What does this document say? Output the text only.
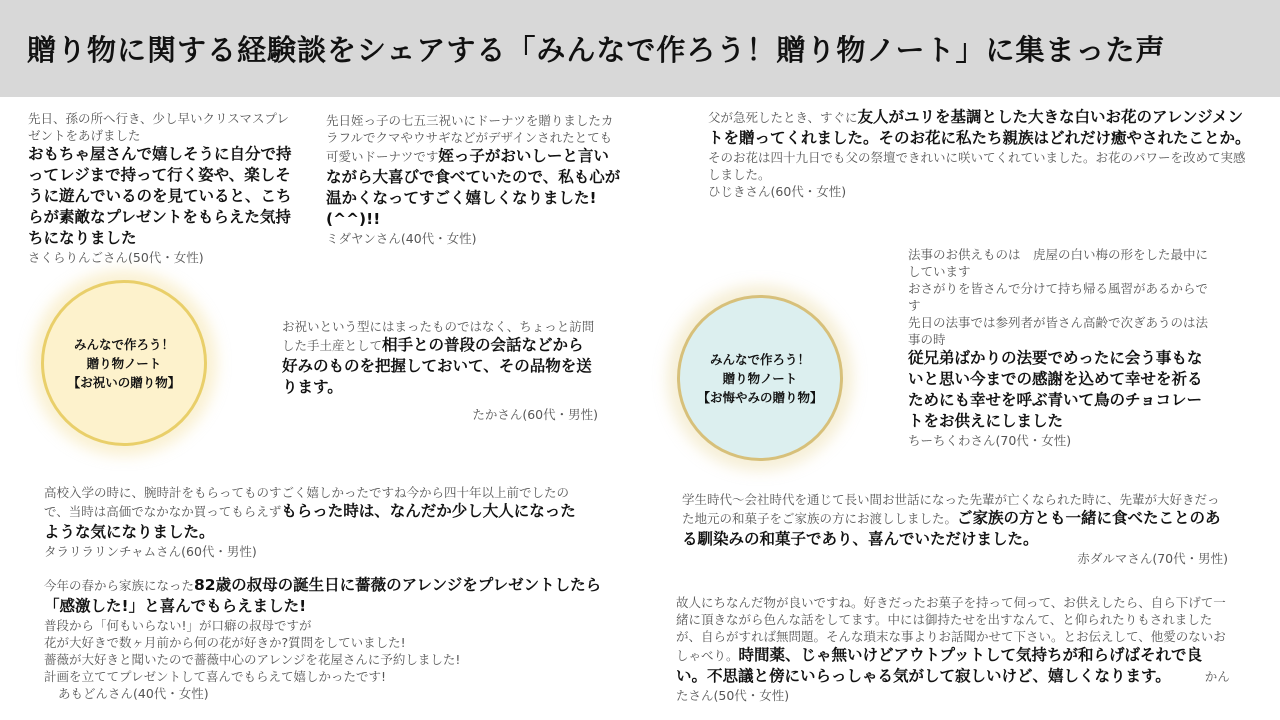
贈り物に関する経験談をシェアする「みんなで作ろう！贈り物ノート」に集まった声
先日、孫の所へ行き、少し早いクリスマスプレゼントをあげました
おもちゃ屋さんで嬉しそうに自分で持ってレジまで持って行く姿や、楽しそうに遊んでいるのを見ていると、こちらが素敵なプレゼントをもらえた気持ちになりました
さくらりんごさん(50代・女性)
先日姪っ子の七五三祝いにドーナツを贈りましたカラフルでクマやウサギなどがデザインされたとても可愛いドーナツです姪っ子がおいしーと言いながら大喜びで食べていたので、私も心が温かくなってすごく嬉しくなりました!(^^)!!
ミダヤンさん(40代・女性)
みんなで作ろう！
贈り物ノート
【お祝いの贈り物】
お祝いという型にはまったものではなく、ちょっと訪問した手土産として相手との普段の会話などから好みのものを把握しておいて、その品物を送ります。
たかさん(60代・男性)
高校入学の時に、腕時計をもらってものすごく嬉しかったですね今から四十年以上前でしたので、当時は高価でなかなか買ってもらえずもらった時は、なんだか少し大人になったような気になりました。
タラリラリンチャムさん(60代・男性)
今年の春から家族になった82歳の叔母の誕生日に薔薇のアレンジをプレゼントしたら「感激した!」と喜んでもらえました!
普段から「何もいらない!」が口癖の叔母ですが
花が大好きで数ヶ月前から何の花が好きか?質問をしていました!
薔薇が大好きと聞いたので薔薇中心のアレンジを花屋さんに予約しました!
計画を立ててプレゼントして喜んでもらえて嬉しかったです!
あもどんさん(40代・女性)
父が急死したとき、すぐに友人がユリを基調とした大きな白いお花のアレンジメントを贈ってくれました。そのお花に私たち親族はどれだけ癒やされたことか。 そのお花は四十九日でも父の祭壇できれいに咲いてくれていました。お花のパワーを改めて実感しました。
ひじきさん(60代・女性)
みんなで作ろう！
贈り物ノート
【お悔やみの贈り物】
法事のお供えものは　虎屋の白い梅の形をした最中にしています
おさがりを皆さんで分けて持ち帰る風習があるからです
先日の法事では参列者が皆さん高齢で次ぎあうのは法事の時
従兄弟ばかりの法要でめったに会う事もないと思い今までの感謝を込めて幸せを祈るためにも幸せを呼ぶ青いて鳥のチョコレートをお供えにしました
ちーちくわさん(70代・女性)
学生時代〜会社時代を通じて長い間お世話になった先輩が亡くなられた時に、先輩が大好きだった地元の和菓子をご家族の方にお渡ししました。ご家族の方とも一緒に食べたことのある馴染みの和菓子であり、喜んでいただけました。
赤ダルマさん(70代・男性)
故人にちなんだ物が良いですね。好きだったお菓子を持って伺って、お供えしたら、自ら下げて一緒に頂きながら色んな話をしてます。中には御持たせを出すなんて、と仰られたりもされましたが、自らがすれば無問題。そんな瑣末な事よりお話聞かせて下さい。とお伝えして、他愛のないおしゃべり。時間薬、じゃ無いけどアウトプットして気持ちが和らげばそれで良い。不思議と傍にいらっしゃる気がして寂しいけど、嬉しくなります。	かんたさん(50代・女性)
